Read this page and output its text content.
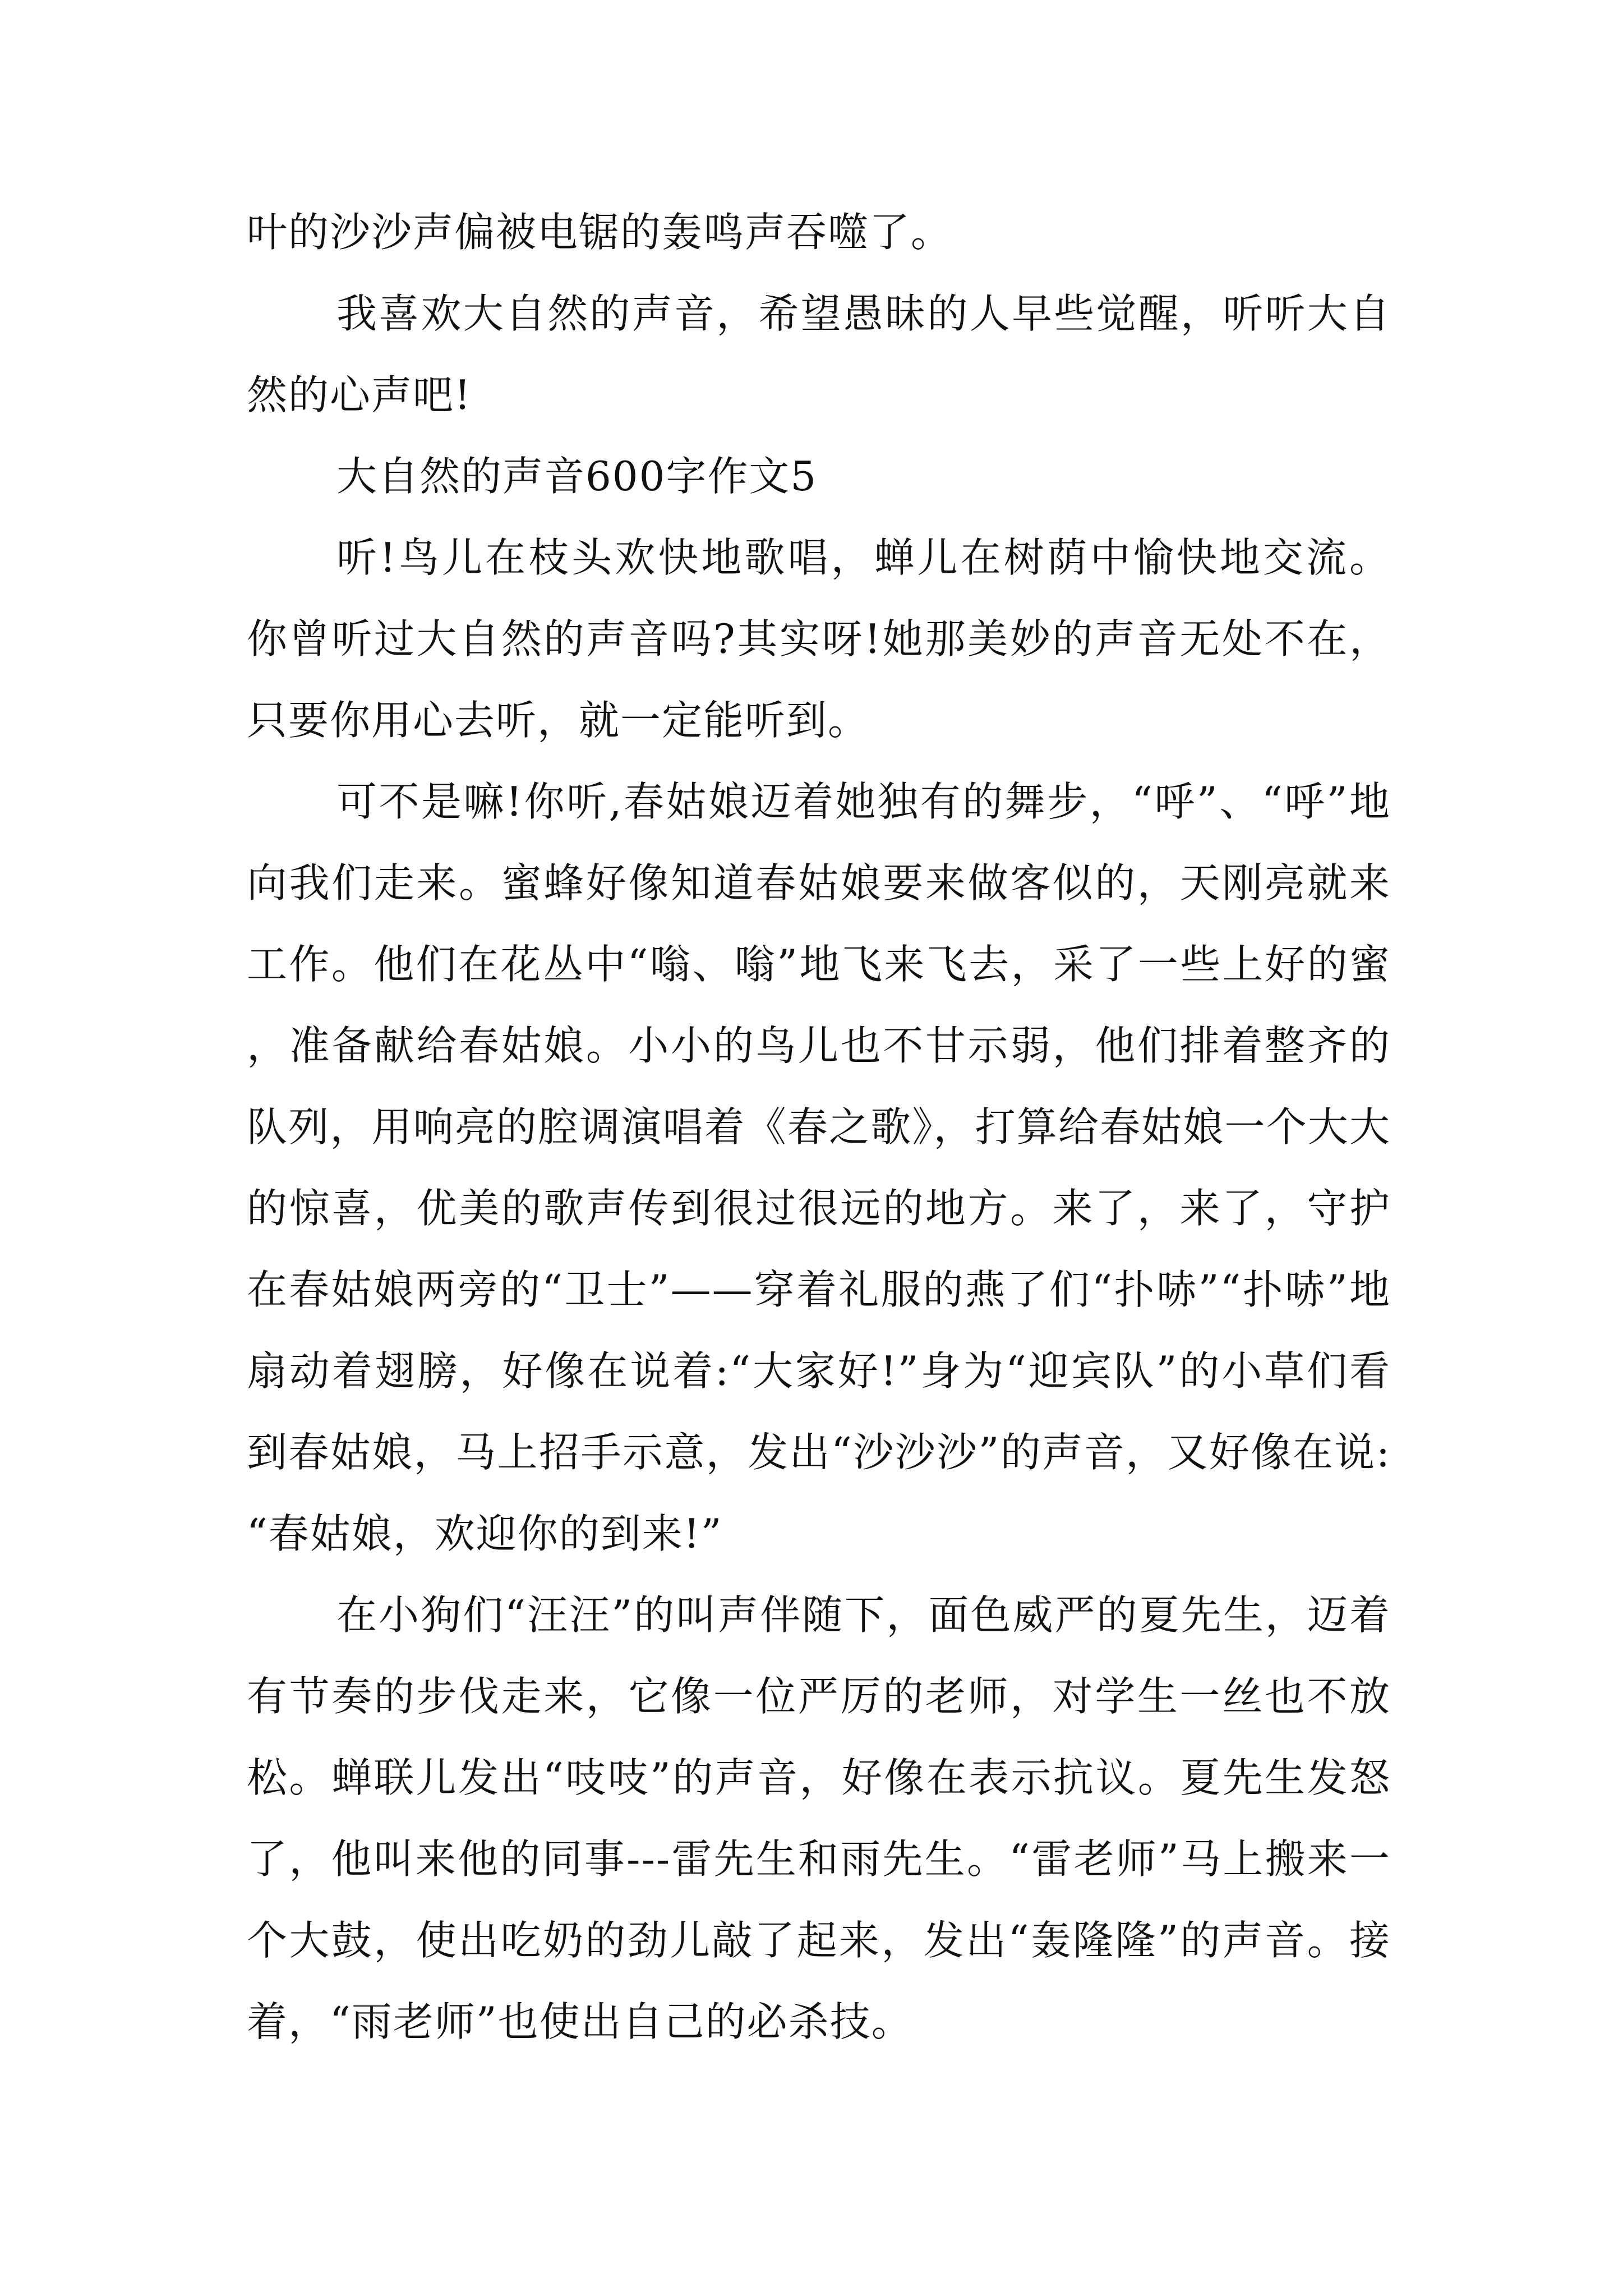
叶的沙沙声偏被电锯的轰鸣声吞噬了。

我喜欢大自然的声音，希望愚昧的人早些觉醒，听听大自然的心声吧!

大自然的声音600字作文5

听!鸟儿在枝头欢快地歌唱，蝉儿在树荫中愉快地交流。你曾听过大自然的声音吗?其实呀!她那美妙的声音无处不在，只要你用心去听，就一定能听到。

可不是嘛!你听,春姑娘迈着她独有的舞步，“呼”、“呼”地向我们走来。蜜蜂好像知道春姑娘要来做客似的，天刚亮就来工作。他们在花丛中“嗡、嗡”地飞来飞去，采了一些上好的蜜，准备献给春姑娘。小小的鸟儿也不甘示弱，他们排着整齐的队列，用响亮的腔调演唱着《春之歌》，打算给春姑娘一个大大的惊喜，优美的歌声传到很过很远的地方。来了，来了，守护在春姑娘两旁的“卫士”——穿着礼服的燕了们“扑哧”“扑哧”地扇动着翅膀，好像在说着:“大家好!”身为“迎宾队”的小草们看到春姑娘，马上招手示意，发出“沙沙沙”的声音，又好像在说:“春姑娘，欢迎你的到来!”

在小狗们“汪汪”的叫声伴随下，面色威严的夏先生，迈着有节奏的步伐走来，它像一位严厉的老师，对学生一丝也不放松。蝉联儿发出“吱吱”的声音，好像在表示抗议。夏先生发怒了，他叫来他的同事---雷先生和雨先生。“雷老师”马上搬来一个大鼓，使出吃奶的劲儿敲了起来，发出“轰隆隆”的声音。接着，“雨老师”也使出自己的必杀技。
